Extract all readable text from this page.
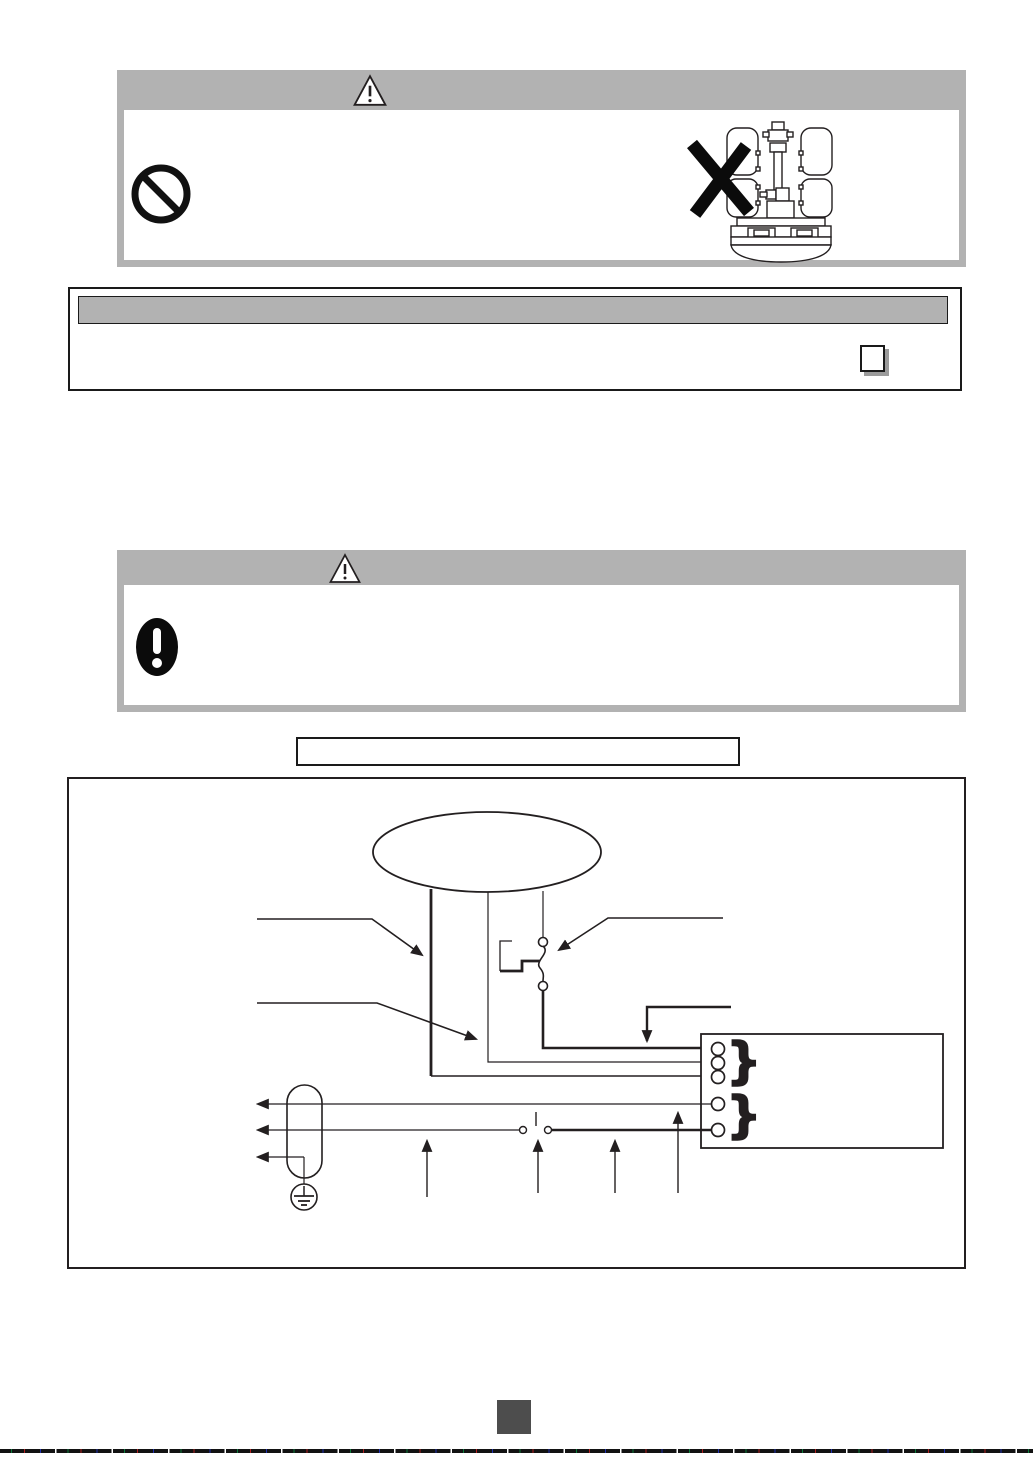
}
}
